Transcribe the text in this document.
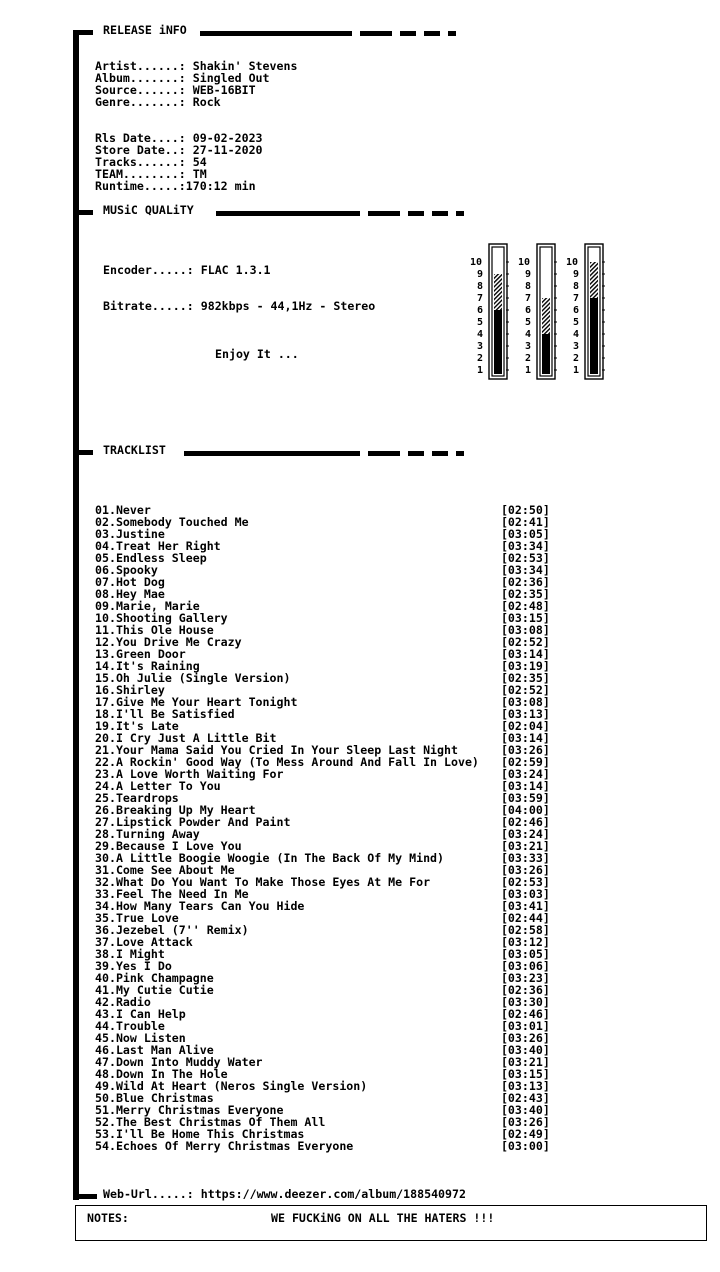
RELEASE iNFO

Artist......: Shakin' Stevens
Album.......: Singled Out
Source......: WEB-16BIT
Genre.......: Rock

Rls Date....: 09-02-2023
Store Date..: 27-11-2020
Tracks......: 54
TEAM........: TM

Runtime.....:170:12 min
MUSiC QUALiTY
Encoder.....: FLAC 1.3.1
Bitrate.....: 982kbps - 44,1Hz - Stereo
Enjoy It ...
1
2
3
4
5
6
7
8
9
10
1
2
3
4
5
6
7
8
9
10
1
2
3
4
5
6
7
8
9
10
TRACKLIST
01.Never	[02:50]
02.Somebody Touched Me	[02:41]
03.Justine	[03:05]
04.Treat Her Right	[03:34]
05.Endless Sleep	[02:53]
06.Spooky	[03:34]
07.Hot Dog	[02:36]
08.Hey Mae	[02:35]
09.Marie, Marie	[02:48]
10.Shooting Gallery	[03:15]
11.This Ole House	[03:08]
12.You Drive Me Crazy	[02:52]
13.Green Door	[03:14]
14.It's Raining	[03:19]
15.Oh Julie (Single Version)	[02:35]
16.Shirley	[02:52]
17.Give Me Your Heart Tonight	[03:08]
18.I'll Be Satisfied	[03:13]
19.It's Late	[02:04]
20.I Cry Just A Little Bit	[03:14]
21.Your Mama Said You Cried In Your Sleep Last Night	[03:26]
22.A Rockin' Good Way (To Mess Around And Fall In Love) [02:59]
23.A Love Worth Waiting For	[03:24]
24.A Letter To You	[03:14]
25.Teardrops	[03:59]
26.Breaking Up My Heart	[04:00]
27.Lipstick Powder And Paint	[02:46]
28.Turning Away	[03:24]
29.Because I Love You	[03:21]
30.A Little Boogie Woogie (In The Back Of My Mind)	[03:33]
31.Come See About Me	[03:26]
32.What Do You Want To Make Those Eyes At Me For	[02:53]
33.Feel The Need In Me	[03:03]
34.How Many Tears Can You Hide	[03:41]
35.True Love	[02:44]
36.Jezebel (7'' Remix)	[02:58]
37.Love Attack	[03:12]
38.I Might	[03:05]
39.Yes I Do	[03:06]
40.Pink Champagne	[03:23]
41.My Cutie Cutie	[02:36]
42.Radio	[03:30]
43.I Can Help	[02:46]
44.Trouble	[03:01]
45.Now Listen	[03:26]
46.Last Man Alive	[03:40]
47.Down Into Muddy Water	[03:21]
48.Down In The Hole	[03:15]
49.Wild At Heart (Neros Single Version)	[03:13]
50.Blue Christmas	[02:43]
51.Merry Christmas Everyone	[03:40]
52.The Best Christmas Of Them All	[03:26]
53.I'll Be Home This Christmas	[02:49]
54.Echoes Of Merry Christmas Everyone	[03:00]
Web-Url.....: https://www.deezer.com/album/188540972
NOTES:	WE FUCKiNG ON ALL THE HATERS !!!
